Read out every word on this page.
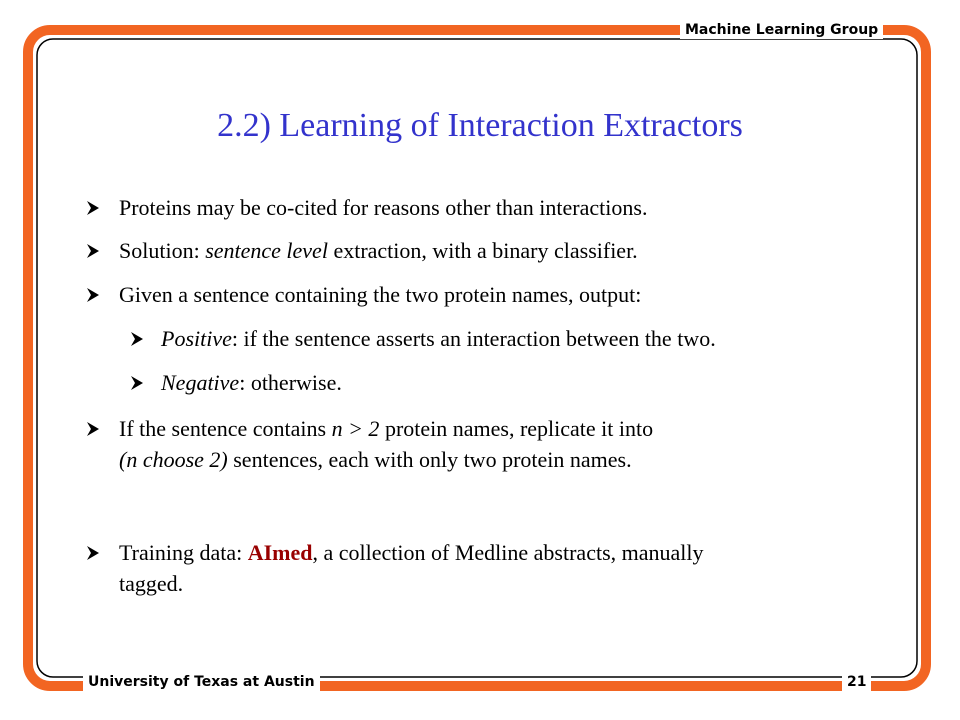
Machine Learning Group
University of Texas at Austin	21
2.2) Learning of Interaction Extractors
Proteins may be co-cited for reasons other than interactions.
Solution: sentence level extraction, with a binary classifier.
Given a sentence containing the two protein names, output:
Positive: if the sentence asserts an interaction between the two.
Negative: otherwise.
If the sentence contains n > 2 protein names, replicate it into
(n choose 2) sentences, each with only two protein names.
Training data: AImed, a collection of Medline abstracts, manually
tagged.
